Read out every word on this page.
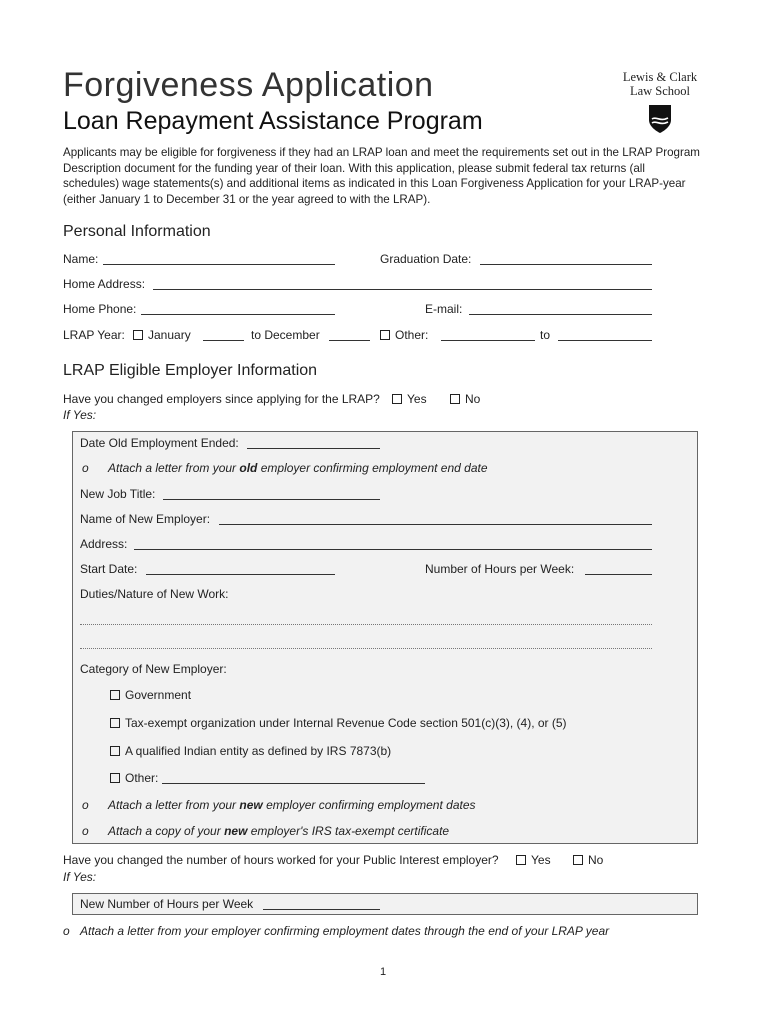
Forgiveness Application
Loan Repayment Assistance Program
Lewis & Clark
Law School
Applicants may be eligible for forgiveness if they had an LRAP loan and meet the requirements set out in the LRAP Program Description document for the funding year of their loan. With this application, please submit federal tax returns (all schedules) wage statements(s) and additional items as indicated in this Loan Forgiveness Application for your LRAP-year (either January 1 to December 31 or the year agreed to with the LRAP).
Personal Information
Name:	Graduation Date:
Home Address:
Home Phone:	E-mail:
LRAP Year:	January	to December	Other:	to
LRAP Eligible Employer Information
Have you changed employers since applying for the LRAP?	Yes	No
If Yes:
Date Old Employment Ended:
o Attach a letter from your old employer confirming employment end date
New Job Title:
Name of New Employer:
Address:
Start Date:	Number of Hours per Week:
Duties/Nature of New Work:
Category of New Employer:
Government
Tax-exempt organization under Internal Revenue Code section 501(c)(3), (4), or (5)
A qualified Indian entity as defined by IRS 7873(b)
Other:
o Attach a letter from your new employer confirming employment dates
o Attach a copy of your new employer's IRS tax-exempt certificate
Have you changed the number of hours worked for your Public Interest employer?	Yes	No
If Yes:
New Number of Hours per Week
o Attach a letter from your employer confirming employment dates through the end of your LRAP year
1
